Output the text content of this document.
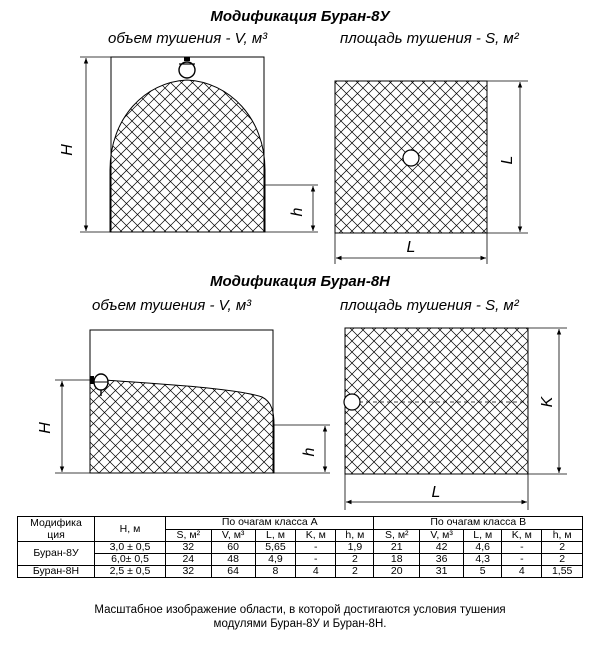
H
h
L
L
H
h
K
L
Модификация Буран-8У
объем тушения - V, м³	площадь тушения - S, м²
Модификация Буран-8Н
объем тушения - V, м³	площадь тушения - S, м²
Модифика ция	H, м	По очагам класса А					По очагам класса В				
		S, м²	V, м³	L, м	K, м	h, м	S, м²	V, м³	L, м	K, м	h, м
Буран-8У	3,0 ± 0,5	32	60	5,65	-	1,9	21	42	4,6	-	2
	6,0± 0,5	24	48	4,9	-	2	18	36	4,3	-	2
Буран-8Н	2,5 ± 0,5	32	64	8	4	2	20	31	5	4	1,55
Масштабное изображение области, в которой достигаются условия тушения
модулями Буран-8У и Буран-8Н.
